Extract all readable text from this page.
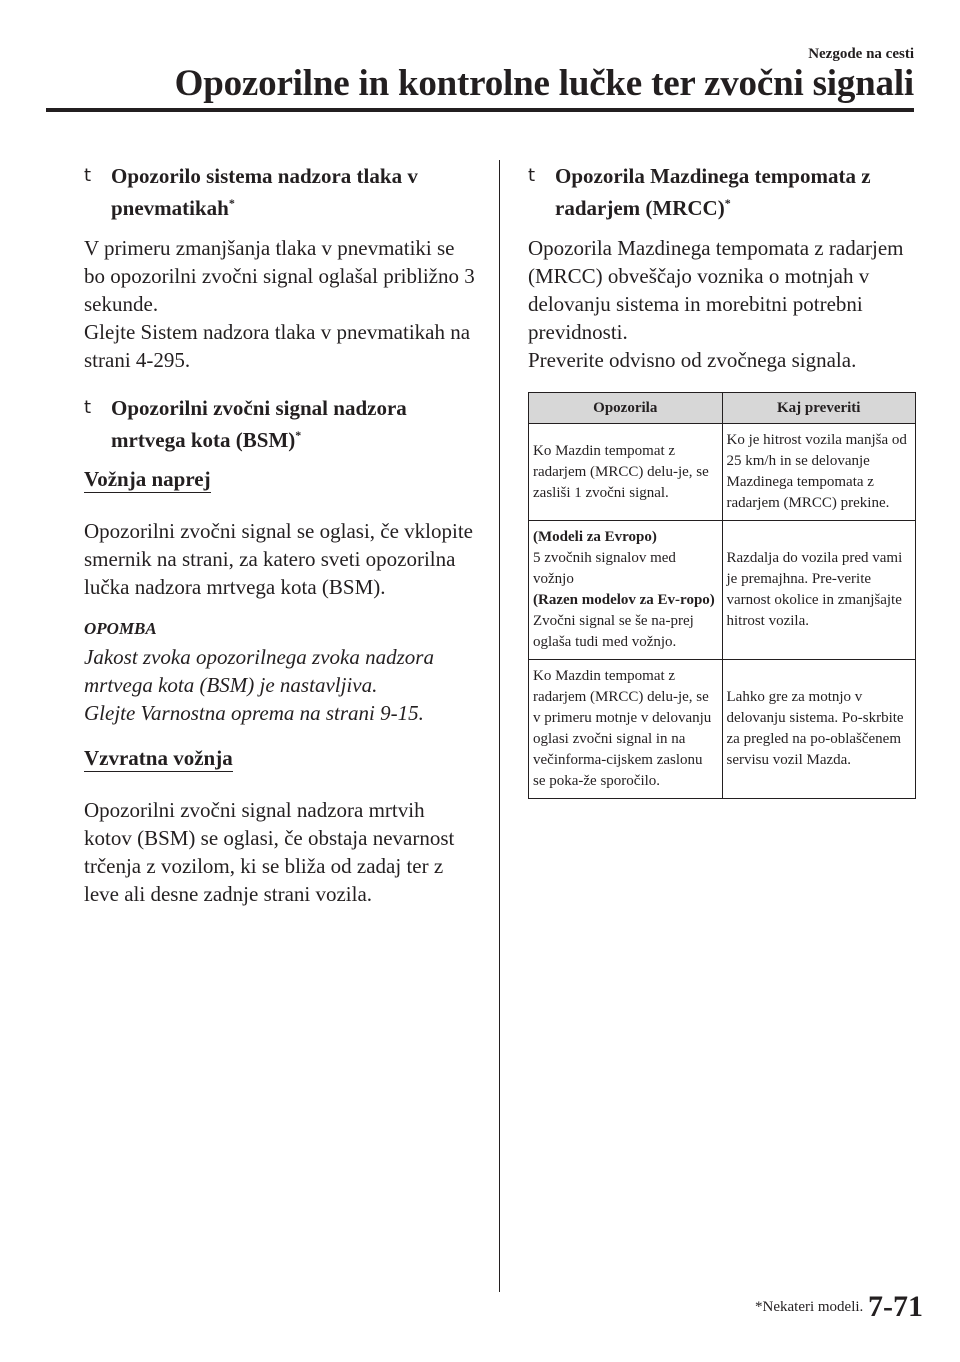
Nezgode na cesti
Opozorilne in kontrolne lučke ter zvočni signali
t Opozorilo sistema nadzora tlaka v pnevmatikah*

V primeru zmanjšanja tlaka v pnevmatiki se bo opozorilni zvočni signal oglašal približno 3 sekunde.
Glejte Sistem nadzora tlaka v pnevmatikah na strani 4-295.

t Opozorilni zvočni signal nadzora mrtvega kota (BSM)*
Vožnja naprej

Opozorilni zvočni signal se oglasi, če vklopite smernik na strani, za katero sveti opozorilna lučka nadzora mrtvega kota (BSM).

OPOMBA

Jakost zvoka opozorilnega zvoka nadzora mrtvega kota (BSM) je nastavljiva.
Glejte Varnostna oprema na strani 9-15.

Vzvratna vožnja

Opozorilni zvočni signal nadzora mrtvih kotov (BSM) se oglasi, če obstaja nevarnost trčenja z vozilom, ki se bliža od zadaj ter z leve ali desne zadnje strani vozila.

t Opozorila Mazdinega tempomata z radarjem (MRCC)*

Opozorila Mazdinega tempomata z radarjem (MRCC) obveščajo voznika o motnjah v delovanju sistema in morebitni potrebni previdnosti.
Preverite odvisno od zvočnega signala.

Opozorila	Kaj preveriti
Ko Mazdin tempomat z radarjem (MRCC) delu-je, se zasliši 1 zvočni signal.	Ko je hitrost vozila manjša od 25 km/h in se delovanje Mazdinega tempomata z radarjem (MRCC) prekine.
(Modeli za Evropo)
5 zvočnih signalov med vožnjo
(Razen modelov za Ev-ropo)
Zvočni signal se še na-prej oglaša tudi med vožnjo.	Razdalja do vozila pred vami je premajhna. Pre-verite varnost okolice in zmanjšajte hitrost vozila.
Ko Mazdin tempomat z radarjem (MRCC) delu-je, se v primeru motnje v delovanju oglasi zvočni signal in na večinforma-cijskem zaslonu se poka-že sporočilo.	Lahko gre za motnjo v delovanju sistema. Po-skrbite za pregled na po-oblaščenem servisu vozil Mazda.
*Nekateri modeli. 7-71
